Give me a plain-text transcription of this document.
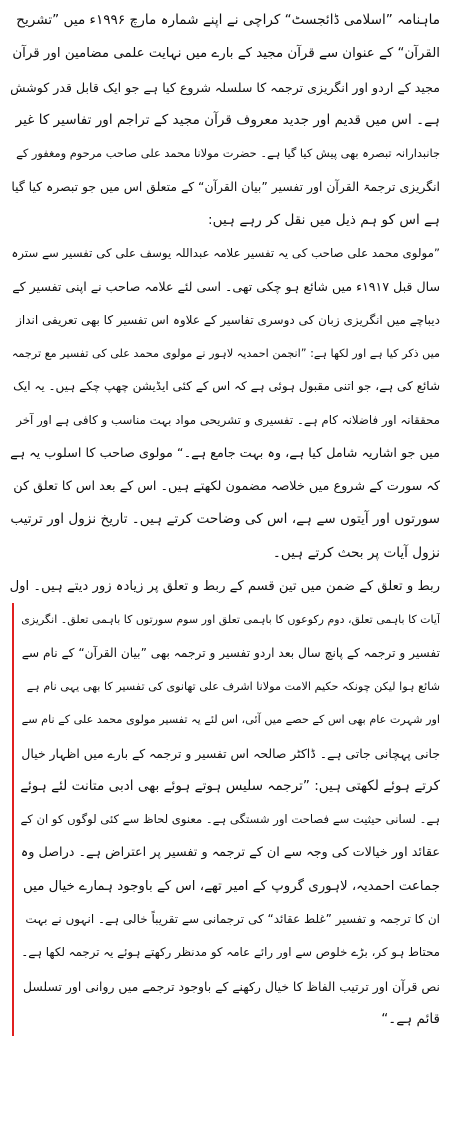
ماہنامہ ”اسلامی ڈائجسٹ“ کراچی نے اپنے شمارہ مارچ ۱۹۹۶ء میں ”تشریح
القرآن“ کے عنوان سے قرآن مجید کے بارے میں نہایت علمی مضامین اور قرآن
مجید کے اردو اور انگریزی ترجمہ کا سلسلہ شروع کیا ہے جو ایک قابل قدر کوشش
ہے۔ اس میں قدیم اور جدید معروف قرآن مجید کے تراجم اور تفاسیر کا غیر
جانبدارانہ تبصرہ بھی پیش کیا گیا ہے۔ حضرت مولانا محمد علی صاحب مرحوم ومغفور کے
انگریزی ترجمۃ القرآن اور تفسیر ”بیان القرآن“ کے متعلق اس میں جو تبصرہ کیا گیا
ہے اس کو ہم ذیل میں نقل کر رہے ہیں:
”مولوی محمد علی صاحب کی یہ تفسیر علامہ عبداللہ یوسف علی کی تفسیر سے سترہ
سال قبل ۱۹۱۷ء میں شائع ہو چکی تھی۔ اسی لئے علامہ صاحب نے اپنی تفسیر کے
دیباچے میں انگریزی زبان کی دوسری تفاسیر کے علاوہ اس تفسیر کا بھی تعریفی انداز
میں ذکر کیا ہے اور لکھا ہے: ”انجمن احمدیہ لاہور نے مولوی محمد علی کی تفسیر مع ترجمہ
شائع کی ہے، جو اتنی مقبول ہوئی ہے کہ اس کے کئی ایڈیشن چھپ چکے ہیں۔ یہ ایک
محققانہ اور فاضلانہ کام ہے۔ تفسیری و تشریحی مواد بہت مناسب و کافی ہے اور آخر
میں جو اشاریہ شامل کیا ہے، وہ بہت جامع ہے۔“ مولوی صاحب کا اسلوب یہ ہے
کہ سورت کے شروع میں خلاصہ مضمون لکھتے ہیں۔ اس کے بعد اس کا تعلق کن
سورتوں اور آیتوں سے ہے، اس کی وضاحت کرتے ہیں۔ تاریخ نزول اور ترتیب
نزول آیات پر بحث کرتے ہیں۔
ربط و تعلق کے ضمن میں تین قسم کے ربط و تعلق پر زیادہ زور دیتے ہیں۔ اول
آیات کا باہمی تعلق، دوم رکوعوں کا باہمی تعلق اور سوم سورتوں کا باہمی تعلق۔ انگریزی
تفسیر و ترجمہ کے پانچ سال بعد اردو تفسیر و ترجمہ بھی ”بیان القرآن“ کے نام سے
شائع ہوا لیکن چونکہ حکیم الامت مولانا اشرف علی تھانوی کی تفسیر کا بھی یہی نام ہے
اور شہرت عام بھی اس کے حصے میں آئی، اس لئے یہ تفسیر مولوی محمد علی کے نام سے
جانی پہچانی جاتی ہے۔ ڈاکٹر صالحہ اس تفسیر و ترجمہ کے بارے میں اظہار خیال
کرتے ہوئے لکھتی ہیں: ”ترجمہ سلیس ہوتے ہوئے بھی ادبی متانت لئے ہوئے
ہے۔ لسانی حیثیت سے فصاحت اور شستگی ہے۔ معنوی لحاظ سے کئی لوگوں کو ان کے
عقائد اور خیالات کی وجہ سے ان کے ترجمہ و تفسیر پر اعتراض ہے۔ دراصل وہ
جماعت احمدیہ، لاہوری گروپ کے امیر تھے، اس کے باوجود ہمارے خیال میں
ان کا ترجمہ و تفسیر ”غلط عقائد“ کی ترجمانی سے تقریباً خالی ہے۔ انہوں نے بہت
محتاط ہو کر، بڑے خلوص سے اور رائے عامہ کو مدنظر رکھتے ہوئے یہ ترجمہ لکھا ہے۔
نص قرآن اور ترتیب الفاظ کا خیال رکھنے کے باوجود ترجمے میں روانی اور تسلسل
قائم ہے۔“
